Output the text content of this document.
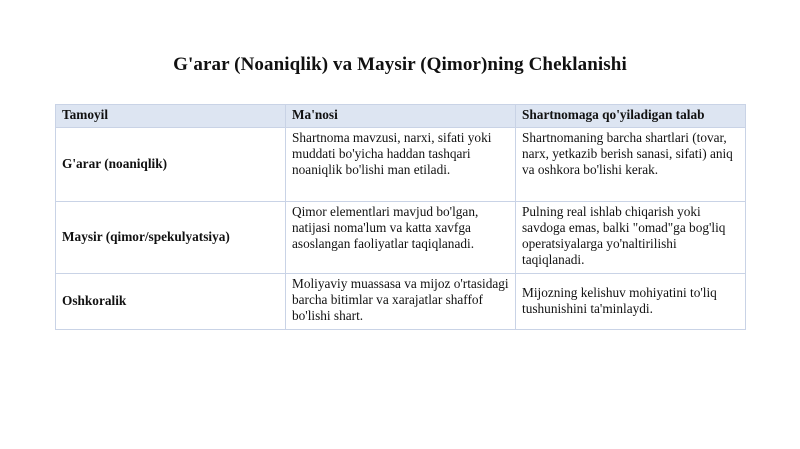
G'arar (Noaniqlik) va Maysir (Qimor)ning Cheklanishi
Tamoyil	Ma'nosi	Shartnomaga qo'yiladigan talab
G'arar (noaniqlik)	Shartnoma mavzusi, narxi, sifati yoki muddati bo'yicha haddan tashqari noaniqlik bo'lishi man etiladi.	Shartnomaning barcha shartlari (tovar, narx, yetkazib berish sanasi, sifati) aniq va oshkora bo'lishi kerak.
Maysir (qimor/spekulyatsiya)	Qimor elementlari mavjud bo'lgan, natijasi noma'lum va katta xavfga asoslangan faoliyatlar taqiqlanadi.	Pulning real ishlab chiqarish yoki savdoga emas, balki "omad"ga bog'liq operatsiyalarga yo'naltirilishi taqiqlanadi.
Oshkoralik	Moliyaviy muassasa va mijoz o'rtasidagi barcha bitimlar va xarajatlar shaffof bo'lishi shart.	Mijozning kelishuv mohiyatini to'liq tushunishini ta'minlaydi.
